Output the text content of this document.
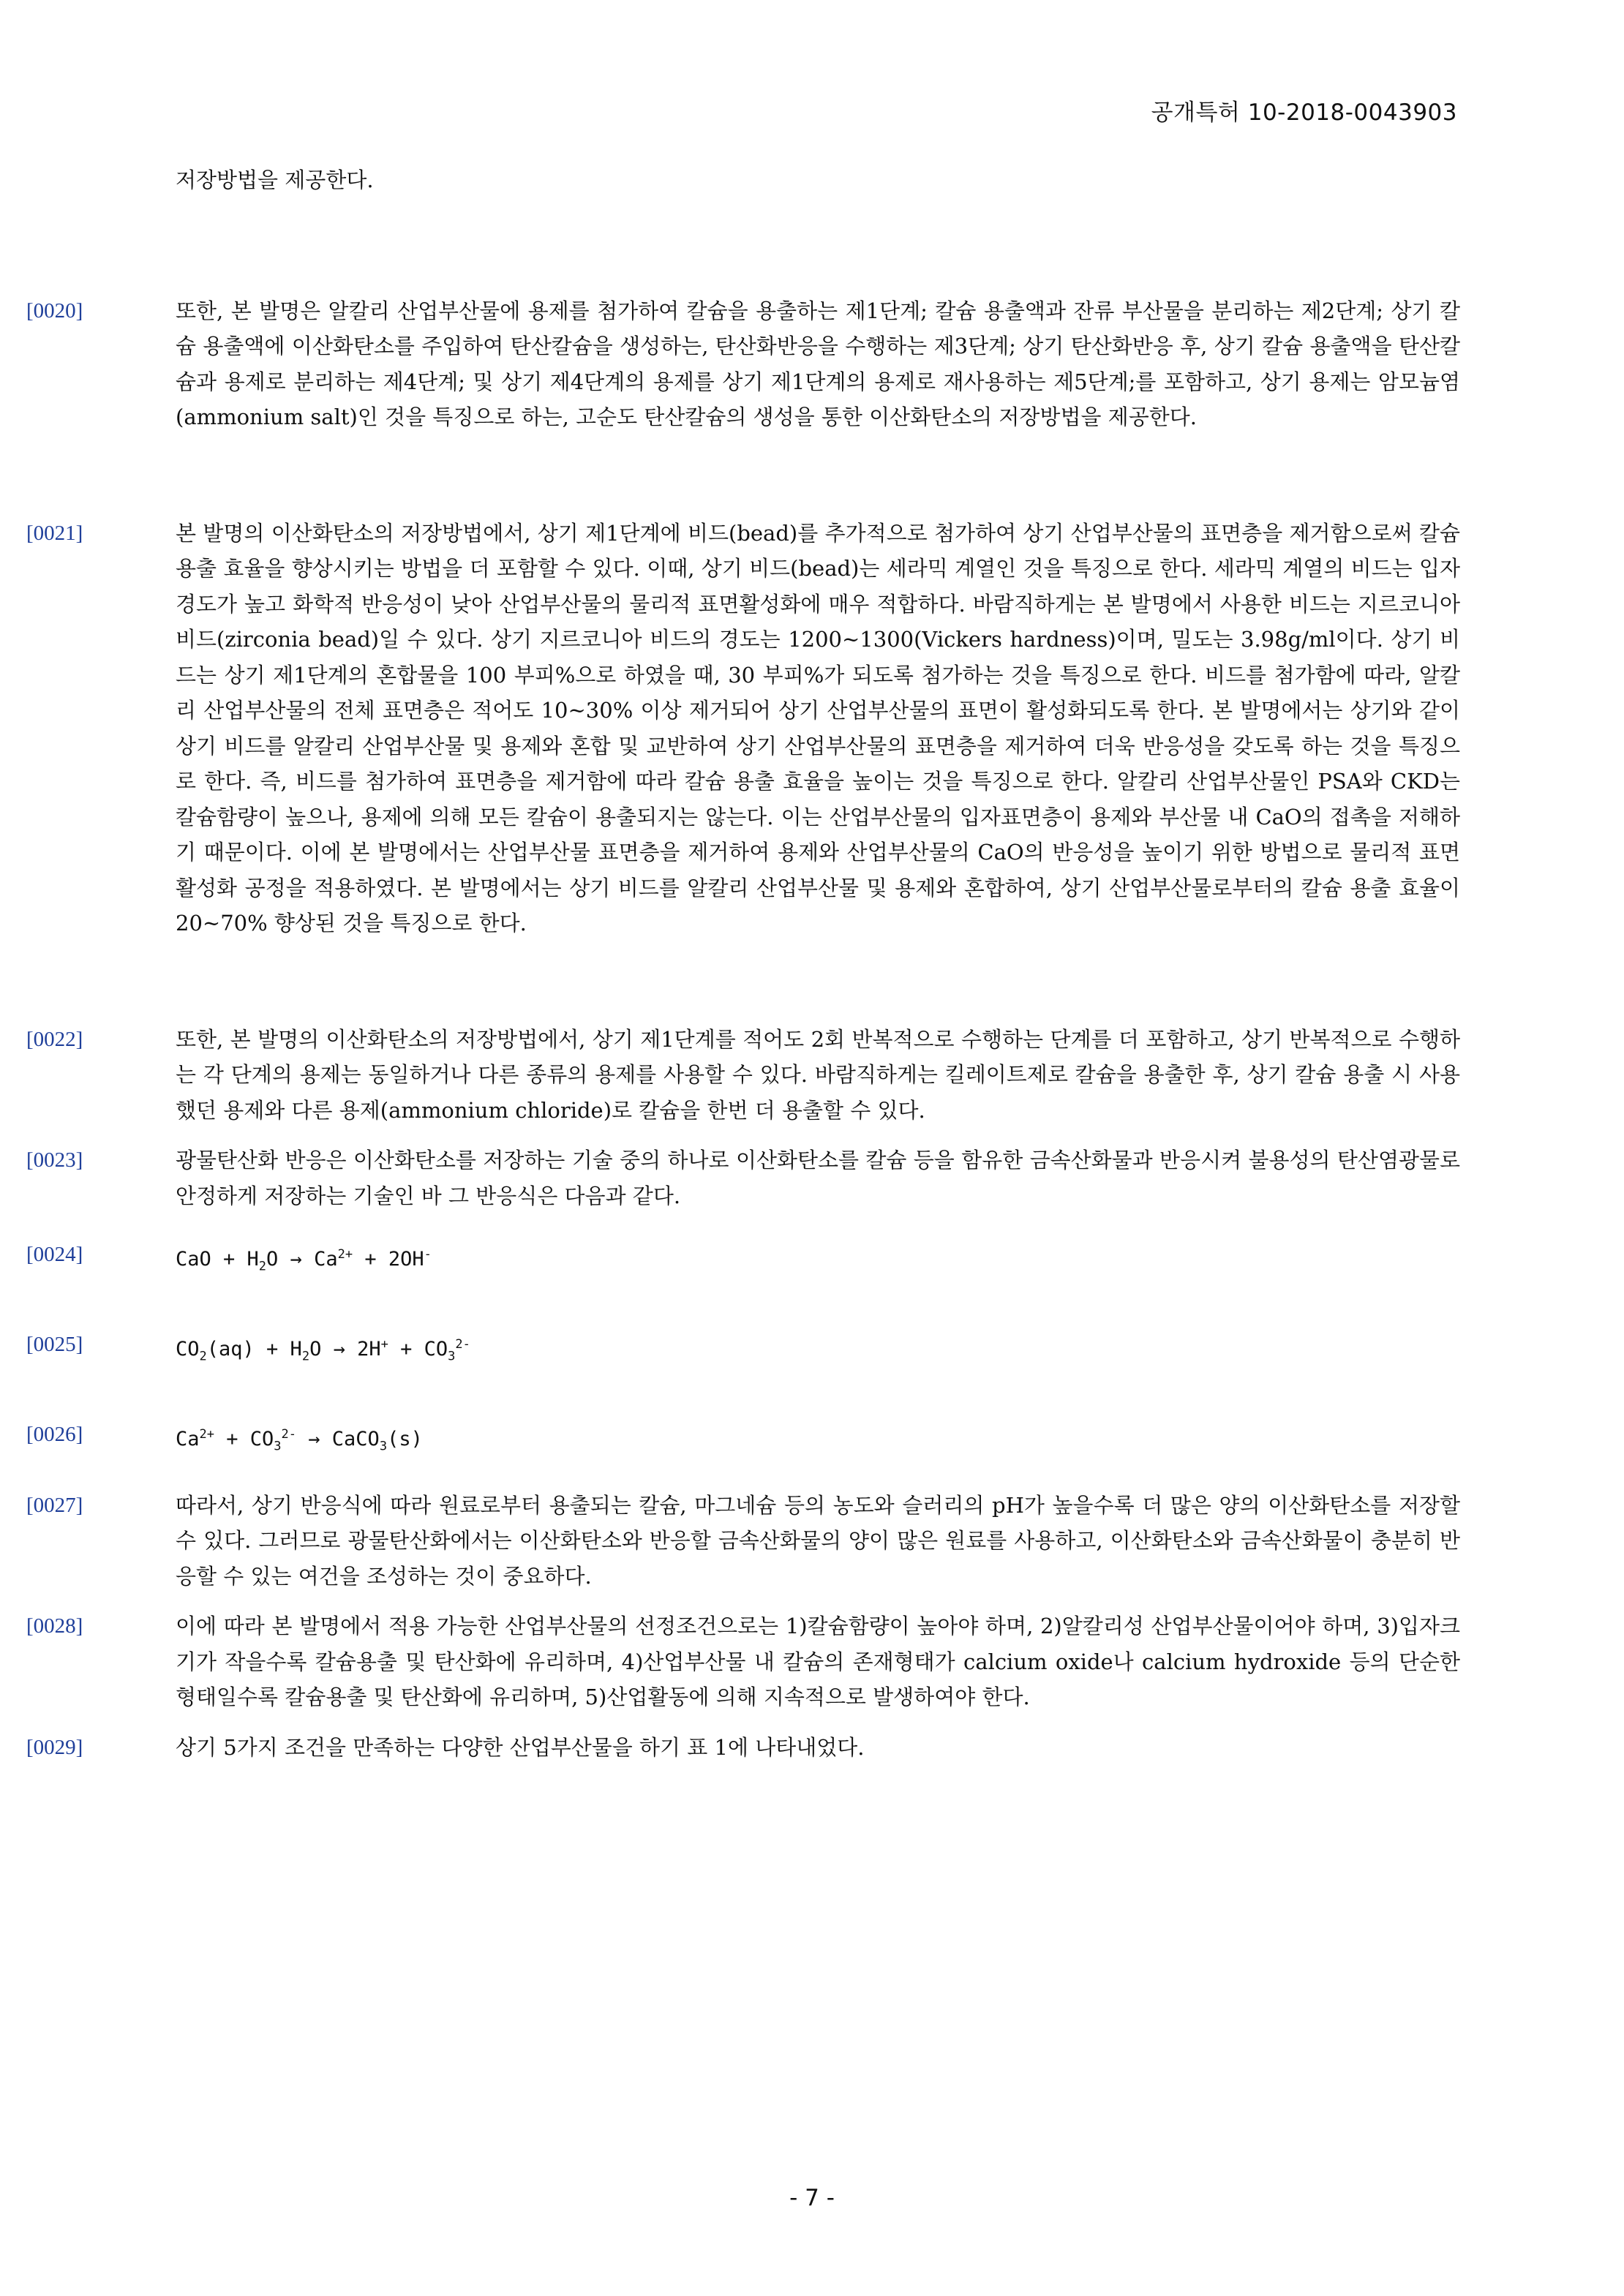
공개특허 10-2018-0043903
저장방법을 제공한다.
[0020]	또한, 본 발명은 알칼리 산업부산물에 용제를 첨가하여 칼슘을 용출하는 제1단계; 칼슘 용출액과 잔류 부산물을 분리하는 제2단계; 상기 칼슘 용출액에 이산화탄소를 주입하여 탄산칼슘을 생성하는, 탄산화반응을 수행하는 제3단계; 상기 탄산화반응 후, 상기 칼슘 용출액을 탄산칼슘과 용제로 분리하는 제4단계; 및 상기 제4단계의 용제를 상기 제1단계의 용제로 재사용하는 제5단계;를 포함하고, 상기 용제는 암모늄염(ammonium salt)인 것을 특징으로 하는, 고순도 탄산칼슘의 생성을 통한 이산화탄소의 저장방법을 제공한다.
[0021]	본 발명의 이산화탄소의 저장방법에서, 상기 제1단계에 비드(bead)를 추가적으로 첨가하여 상기 산업부산물의 표면층을 제거함으로써 칼슘 용출 효율을 향상시키는 방법을 더 포함할 수 있다. 이때, 상기 비드(bead)는 세라믹 계열인 것을 특징으로 한다. 세라믹 계열의 비드는 입자경도가 높고 화학적 반응성이 낮아 산업부산물의 물리적 표면활성화에 매우 적합하다. 바람직하게는 본 발명에서 사용한 비드는 지르코니아 비드(zirconia bead)일 수 있다. 상기 지르코니아 비드의 경도는 1200~1300(Vickers hardness)이며, 밀도는 3.98g/ml이다. 상기 비드는 상기 제1단계의 혼합물을 100 부피%으로 하였을 때, 30 부피%가 되도록 첨가하는 것을 특징으로 한다. 비드를 첨가함에 따라, 알칼리 산업부산물의 전체 표면층은 적어도 10~30% 이상 제거되어 상기 산업부산물의 표면이 활성화되도록 한다. 본 발명에서는 상기와 같이 상기 비드를 알칼리 산업부산물 및 용제와 혼합 및 교반하여 상기 산업부산물의 표면층을 제거하여 더욱 반응성을 갖도록 하는 것을 특징으로 한다. 즉, 비드를 첨가하여 표면층을 제거함에 따라 칼슘 용출 효율을 높이는 것을 특징으로 한다. 알칼리 산업부산물인 PSA와 CKD는 칼슘함량이 높으나, 용제에 의해 모든 칼슘이 용출되지는 않는다. 이는 산업부산물의 입자표면층이 용제와 부산물 내 CaO의 접촉을 저해하기 때문이다. 이에 본 발명에서는 산업부산물 표면층을 제거하여 용제와 산업부산물의 CaO의 반응성을 높이기 위한 방법으로 물리적 표면활성화 공정을 적용하였다. 본 발명에서는 상기 비드를 알칼리 산업부산물 및 용제와 혼합하여, 상기 산업부산물로부터의 칼슘 용출 효율이 20~70% 향상된 것을 특징으로 한다.
[0022]	또한, 본 발명의 이산화탄소의 저장방법에서, 상기 제1단계를 적어도 2회 반복적으로 수행하는 단계를 더 포함하고, 상기 반복적으로 수행하는 각 단계의 용제는 동일하거나 다른 종류의 용제를 사용할 수 있다. 바람직하게는 킬레이트제로 칼슘을 용출한 후, 상기 칼슘 용출 시 사용했던 용제와 다른 용제(ammonium chloride)로 칼슘을 한번 더 용출할 수 있다.
[0023]	광물탄산화 반응은 이산화탄소를 저장하는 기술 중의 하나로 이산화탄소를 칼슘 등을 함유한 금속산화물과 반응시켜 불용성의 탄산염광물로 안정하게 저장하는 기술인 바 그 반응식은 다음과 같다.
[0024]	CaO + $H_2O \to Ca^{2+} + 2OH^-$
[0025]	$CO_2(aq) + H_2O \to 2H^+ + CO_3^{2-}$
[0026]	$Ca^{2+} + CO_3^{2-}$ → CaCO$_3$(s)
[0027]	따라서, 상기 반응식에 따라 원료로부터 용출되는 칼슘, 마그네슘 등의 농도와 슬러리의 pH가 높을수록 더 많은 양의 이산화탄소를 저장할 수 있다. 그러므로 광물탄산화에서는 이산화탄소와 반응할 금속산화물의 양이 많은 원료를 사용하고, 이산화탄소와 금속산화물이 충분히 반응할 수 있는 여건을 조성하는 것이 중요하다.
[0028]	이에 따라 본 발명에서 적용 가능한 산업부산물의 선정조건으로는 1)칼슘함량이 높아야 하며, 2)알칼리성 산업부산물이어야 하며, 3)입자크기가 작을수록 칼슘용출 및 탄산화에 유리하며, 4)산업부산물 내 칼슘의 존재형태가 calcium oxide나 calcium hydroxide 등의 단순한 형태일수록 칼슘용출 및 탄산화에 유리하며, 5)산업활동에 의해 지속적으로 발생하여야 한다.
[0029]	상기 5가지 조건을 만족하는 다양한 산업부산물을 하기 표 1에 나타내었다.
- 7 -
